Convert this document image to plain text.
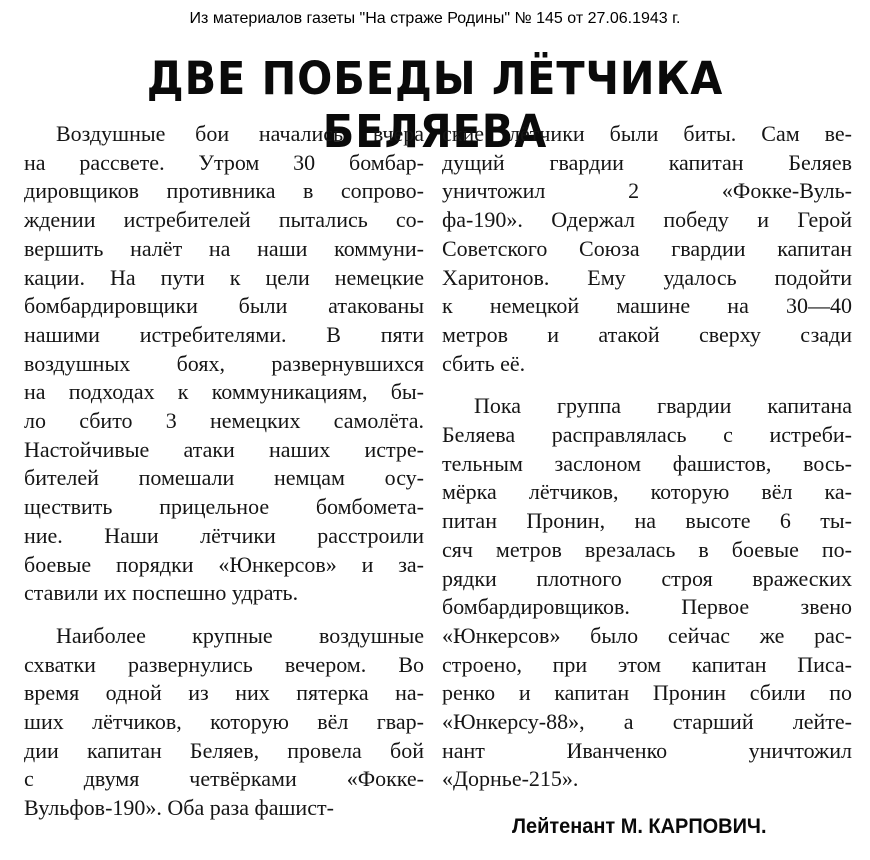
Из материалов газеты "На страже Родины" № 145 от 27.06.1943 г.
ДВЕ ПОБЕДЫ ЛЁТЧИКА БЕЛЯЕВА
Воздушные бои начались вчера
на рассвете. Утром 30 бомбар-
дировщиков противника в сопрово-
ждении истребителей пытались со-
вершить налёт на наши коммуни-
кации. На пути к цели немецкие
бомбардировщики были атакованы
нашими истребителями. В пяти
воздушных боях, развернувшихся
на подходах к коммуникациям, бы-
ло сбито 3 немецких самолёта.
Настойчивые атаки наших истре-
бителей помешали немцам осу-
ществить прицельное бомбомета-
ние. Наши лётчики расстроили
боевые порядки «Юнкерсов» и за-
ставили их поспешно удрать.
Наиболее крупные воздушные
схватки развернулись вечером. Во
время одной из них пятерка на-
ших лётчиков, которую вёл гвар-
дии капитан Беляев, провела бой
с двумя четвёрками «Фокке-
Вульфов-190». Оба раза фашист-
ские лётчики были биты. Сам ве-
дущий гвардии капитан Беляев
уничтожил 2 «Фокке-Вуль-
фа-190». Одержал победу и Герой
Советского Союза гвардии капитан
Харитонов. Ему удалось подойти
к немецкой машине на 30—40
метров и атакой сверху сзади
сбить её.
Пока группа гвардии капитана
Беляева расправлялась с истреби-
тельным заслоном фашистов, вось-
мёрка лётчиков, которую вёл ка-
питан Пронин, на высоте 6 ты-
сяч метров врезалась в боевые по-
рядки плотного строя вражеских
бомбардировщиков. Первое звено
«Юнкерсов» было сейчас же рас-
строено, при этом капитан Писа-
ренко и капитан Пронин сбили по
«Юнкерсу-88», а старший лейте-
нант Иванченко уничтожил
«Дорнье-215».
Лейтенант М. КАРПОВИЧ.
